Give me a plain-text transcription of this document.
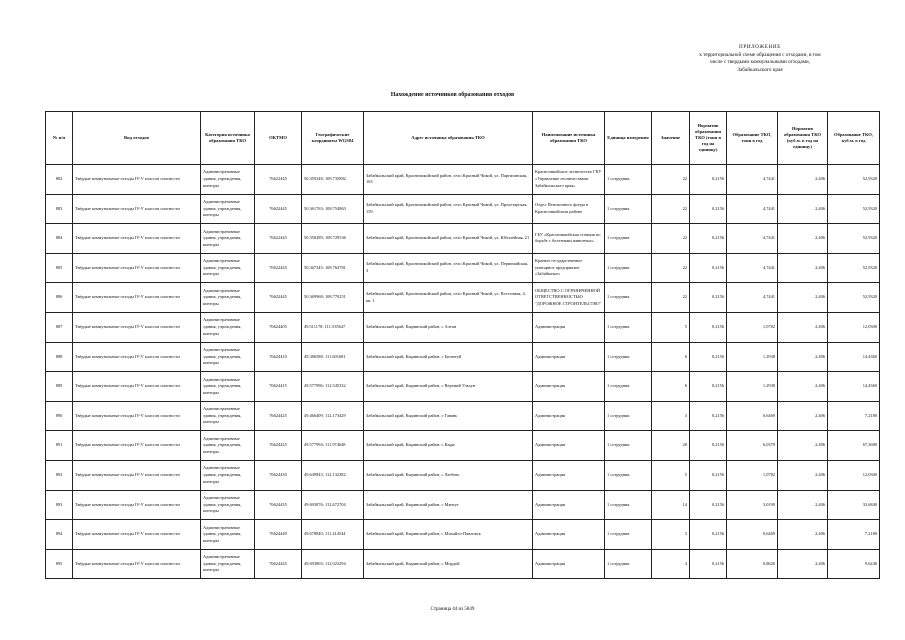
ПРИЛОЖЕНИЕ
к территориальной схеме обращения с отходами, в том
числе с твердыми коммунальными отходами,
Забайкальского края
Нахождение источников образования отходов
№ п/п	Вид отходов	Категория источника образования ТКО	ОКТМО	Географические координаты WGS84	Адрес источника образования ТКО	Наименование источника образования ТКО	Единица измерения	Значение	Норматив образования ТКО (тонн в год на единицу)	Образование ТКО, тонн в год	Норматив образования ТКО (куб.м. в год на единицу)	Образование ТКО, куб.м. в год
882	Твёрдые коммунальные отходы IV-V классов опасности	Административные здания, учреждения, конторы	76622445	50.359248; 108.735882	Забайкальский край, Красночикойский район, село Красный Чикой, ул. Партизанская, 163	Красночикойское лесничество ГКУ «Управление лесничествами Забайкальского края»	1 сотрудник	22	0,2156	4,7441	2,406	52,9320
883	Твёрдые коммунальные отходы IV-V классов опасности	Административные здания, учреждения, конторы	76622445	50.361763; 108.754863	Забайкальский край, Красночикойский район, село Красный Чикой, ул. Пролетарская, 159	Отдел Пенсионного фонда в Красночикойском районе	1 сотрудник	22	0,2156	4,7441	2,406	52,9320
884	Твёрдые коммунальные отходы IV-V классов опасности	Административные здания, учреждения, конторы	76622445	50.358289; 108.729536	Забайкальский край, Красночикойский район, село Красный Чикой, ул. Юбилейная, 21	ГБУ «Красночикойская станция по борьбе с болезнями животных»	1 сотрудник	22	0,2156	4,7441	2,406	52,9320
885	Твёрдые коммунальные отходы IV-V классов опасности	Административные здания, учреждения, конторы	76622445	50.367345; 108.764781	Забайкальский край, Красночикойский район, село Красный Чикой, ул. Первомайская, 3	Краевое государственное унитарное предприятие «Забайкалье»	1 сотрудник	22	0,2156	4,7441	2,406	52,9320
886	Твёрдые коммунальные отходы IV-V классов опасности	Административные здания, учреждения, конторы	76622445	50.369968; 108.770251	Забайкальский край, Красночикойский район, село Красный Чикой, ул. Восточная, 4, кв. 1	ОБЩЕСТВО С ОГРАНИЧЕННОЙ ОТВЕТСТВЕННОСТЬЮ "ДОРОЖНОЕ СТРОИТЕЛЬСТВО"	1 сотрудник	22	0,2156	4,7441	2,406	52,9320
887	Твёрдые коммунальные отходы IV-V классов опасности	Административные здания, учреждения, конторы	76624405	49.511178; 111.535647	Забайкальский край, Кыринский район, с Алтан	Администрация	1 сотрудник	5	0,2156	1,0782	2,406	12,0300
888	Твёрдые коммунальные отходы IV-V классов опасности	Административные здания, учреждения, конторы	76624410	49.386588; 111.601681	Забайкальский край, Кыринский район, с Билютуй	Администрация	1 сотрудник	6	0,2156	1,2938	2,406	14,4360
889	Твёрдые коммунальные отходы IV-V классов опасности	Административные здания, учреждения, конторы	76624415	49.577996; 112.545332	Забайкальский край, Кыринский район, с Верхний Ульхун	Администрация	1 сотрудник	6	0,2156	1,2938	2,406	14,4360
890	Твёрдые коммунальные отходы IV-V классов опасности	Административные здания, учреждения, конторы	76624425	49.466409; 112.173429	Забайкальский край, Кыринский район, с Гавань	Администрация	1 сотрудник	3	0,2156	0,6469	2,406	7,2180
891	Твёрдые коммунальные отходы IV-V классов опасности	Административные здания, учреждения, конторы	76624425	49.577994; 111.974648	Забайкальский край, Кыринский район, с Кыра	Администрация	1 сотрудник	28	0,2156	6,0379	2,406	67,3680
892	Твёрдые коммунальные отходы IV-V классов опасности	Административные здания, учреждения, конторы	76624430	49.649843; 112.132382	Забайкальский край, Кыринский район, с Любовь	Администрация	1 сотрудник	5	0,2156	1,0782	2,406	12,0300
893	Твёрдые коммунальные отходы IV-V классов опасности	Административные здания, учреждения, конторы	76624435	49.693876; 112.672704	Забайкальский край, Кыринский район, с Мангут	Администрация	1 сотрудник	14	0,2156	3,0190	2,406	33,6840
894	Твёрдые коммунальные отходы IV-V классов опасности	Административные здания, учреждения, конторы	76624440	49.678840; 111.414544	Забайкальский край, Кыринский район, с Михайло-Павловск	Администрация	1 сотрудник	3	0,2156	0,6469	2,406	7,2180
895	Твёрдые коммунальные отходы IV-V классов опасности	Административные здания, учреждения, конторы	76624445	49.693803; 112.023294	Забайкальский край, Кыринский район, с Мордой	Администрация	1 сотрудник	4	0,2156	0,8626	2,406	9,6240
Страница 44 из 5849
